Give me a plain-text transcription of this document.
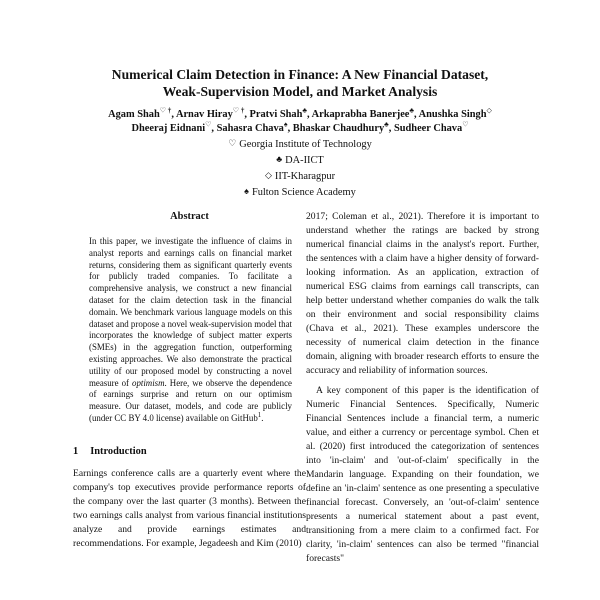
Numerical Claim Detection in Finance: A New Financial Dataset,
Weak-Supervision Model, and Market Analysis
Agam Shah♡ †, Arnav Hiray♡ †, Pratvi Shah♣, Arkaprabha Banerjee♣, Anushka Singh◇
Dheeraj Eidnani♡, Sahasra Chava♠, Bhaskar Chaudhury♣, Sudheer Chava♡
♡ Georgia Institute of Technology
♣ DA-IICT
◇ IIT-Kharagpur
♠ Fulton Science Academy
Abstract
In this paper, we investigate the influence of claims in analyst reports and earnings calls on financial market returns, considering them as significant quarterly events for publicly traded companies. To facilitate a comprehensive analysis, we construct a new financial dataset for the claim detection task in the financial domain. We benchmark various language models on this dataset and propose a novel weak-supervision model that incorporates the knowledge of subject matter experts (SMEs) in the aggregation function, outperforming existing approaches. We also demonstrate the practical utility of our proposed model by constructing a novel measure of optimism. Here, we observe the dependence of earnings surprise and return on our optimism measure. Our dataset, models, and code are publicly (under CC BY 4.0 license) available on GitHub$^1$.
1 Introduction

Earnings conference calls are a quarterly event where the company's top executives provide performance reports of the company over the last quarter (3 months). Between the two earnings calls analyst from various financial institutions analyze and provide earnings estimates and recommendations. For example, Jegadeesh and Kim (2010)

2017; Coleman et al., 2021). Therefore it is important to understand whether the ratings are backed by strong numerical financial claims in the analyst's report. Further, the sentences with a claim have a higher density of forward-looking information. As an application, extraction of numerical ESG claims from earnings call transcripts, can help better understand whether companies do walk the talk on their environment and social responsibility claims (Chava et al., 2021). These examples underscore the necessity of numerical claim detection in the finance domain, aligning with broader research efforts to ensure the accuracy and reliability of information sources.

A key component of this paper is the identification of Numeric Financial Sentences. Specifically, Numeric Financial Sentences include a financial term, a numeric value, and either a currency or percentage symbol. Chen et al. (2020) first introduced the categorization of sentences into 'in-claim' and 'out-of-claim' specifically in the Mandarin language. Expanding on their foundation, we define an 'in-claim' sentence as one presenting a speculative financial forecast. Conversely, an 'out-of-claim' sentence presents a numerical statement about a past event, transitioning from a mere claim to a confirmed fact. For clarity, 'in-claim' sentences can also be termed "financial forecasts"
